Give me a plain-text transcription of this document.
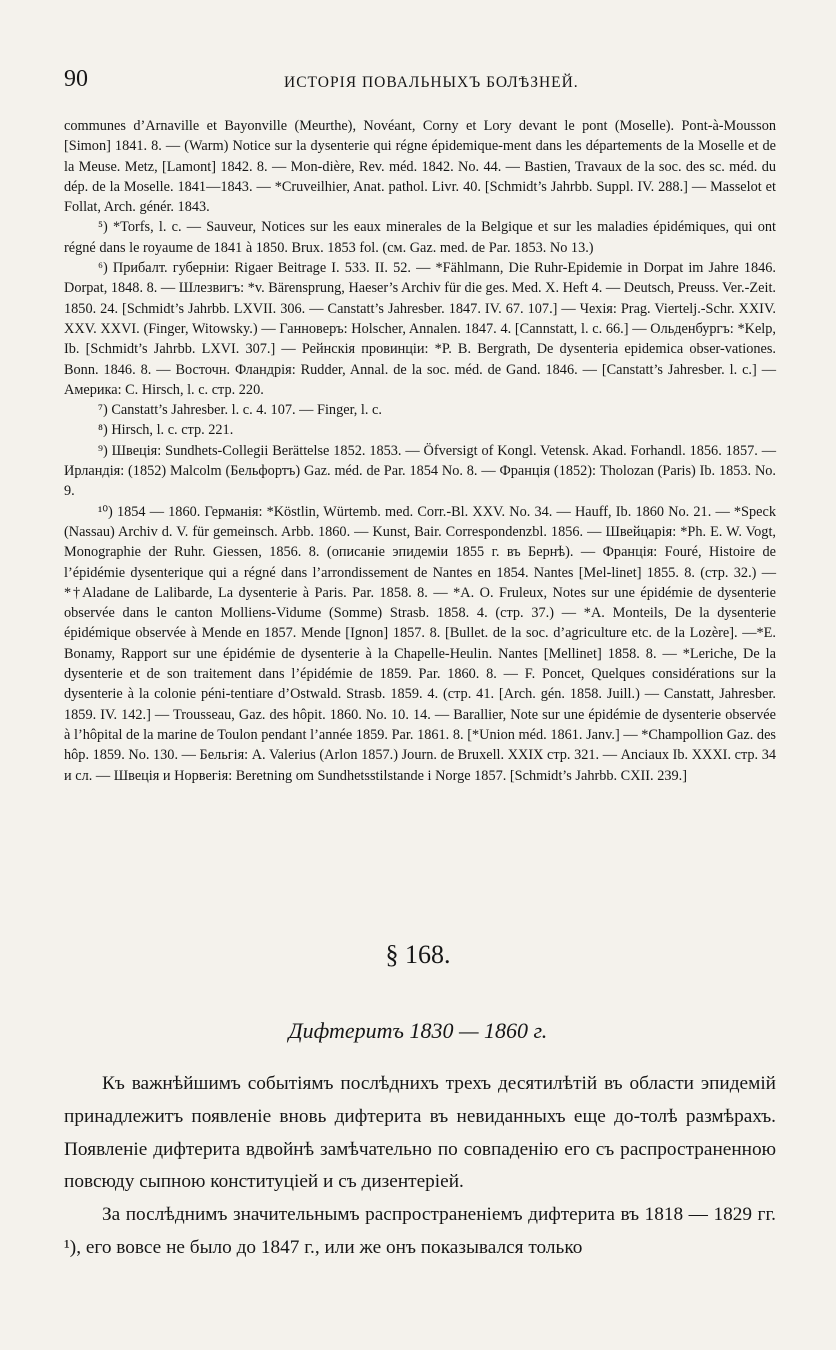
90	ИСТОРІЯ ПОВАЛЬНЫХЪ БОЛѢЗНЕЙ.

communes d’Arnaville et Bayonville (Meurthe), Novéant, Corny et Lory devant le pont (Moselle). Pont-à-Mousson [Simon] 1841. 8. — (Warm) Notice sur la dysenterie qui régne épidemique-ment dans les départements de la Moselle et de la Meuse. Metz, [Lamont] 1842. 8. — Mon-dière, Rev. méd. 1842. No. 44. — Bastien, Travaux de la soc. des sc. méd. du dép. de la Moselle. 1841—1843. — *Cruveilhier, Anat. pathol. Livr. 40. [Schmidt’s Jahrbb. Suppl. IV. 288.] — Masselot et Follat, Arch. génér. 1843.

⁵) *Torfs, l. c. — Sauveur, Notices sur les eaux minerales de la Belgique et sur les maladies épidémiques, qui ont régné dans le royaume de 1841 à 1850. Brux. 1853 fol. (см. Gaz. med. de Par. 1853. No 13.)

⁶) Прибалт. губерніи: Rigaer Beitrage I. 533. II. 52. — *Fählmann, Die Ruhr-Epidemie in Dorpat im Jahre 1846. Dorpat, 1848. 8. — Шлезвигъ: *v. Bärensprung, Haeser’s Archiv für die ges. Med. X. Heft 4. — Deutsch, Preuss. Ver.-Zeit. 1850. 24. [Schmidt’s Jahrbb. LXVII. 306. — Canstatt’s Jahresber. 1847. IV. 67. 107.] — Чехія: Prag. Viertelj.-Schr. XXIV. XXV. XXVI. (Finger, Witowsky.) — Ганноверъ: Holscher, Annalen. 1847. 4. [Cannstatt, l. c. 66.] — Ольденбургъ: *Kelp, Ib. [Schmidt’s Jahrbb. LXVI. 307.] — Рейнскія провинціи: *P. B. Bergrath, De dysenteria epidemica obser-vationes. Bonn. 1846. 8. — Восточн. Фландрія: Rudder, Annal. de la soc. méd. de Gand. 1846. — [Canstatt’s Jahresber. l. c.] — Америка: C. Hirsch, l. c. стр. 220.

⁷) Canstatt’s Jahresber. l. c. 4. 107. — Finger, l. c.

⁸) Hirsch, l. c. стр. 221.

⁹) Швеція: Sundhets-Collegii Berättelse 1852. 1853. — Öfversigt of Kongl. Vetensk. Akad. Forhandl. 1856. 1857. — Ирландія: (1852) Malcolm (Бельфортъ) Gaz. méd. de Par. 1854 No. 8. — Франція (1852): Tholozan (Paris) Ib. 1853. No. 9.

¹⁰) 1854 — 1860. Германія: *Köstlin, Würtemb. med. Corr.-Bl. XXV. No. 34. — Hauff, Ib. 1860 No. 21. — *Speck (Nassau) Archiv d. V. für gemeinsch. Arbb. 1860. — Kunst, Bair. Correspondenzbl. 1856. — Швейцарія: *Ph. E. W. Vogt, Monographie der Ruhr. Giessen, 1856. 8. (описаніе эпидеміи 1855 г. въ Бернѣ). — Франція: Fouré, Histoire de l’épidémie dysenterique qui a régné dans l’arrondissement de Nantes en 1854. Nantes [Mel-linet] 1855. 8. (стр. 32.) — *†Aladane de Lalibarde, La dysenterie à Paris. Par. 1858. 8. — *A. O. Fruleux, Notes sur une épidémie de dysenterie observée dans le canton Molliens-Vidume (Somme) Strasb. 1858. 4. (стр. 37.) — *A. Monteils, De la dysenterie épidémique observée à Mende en 1857. Mende [Ignon] 1857. 8. [Bullet. de la soc. d’agriculture etc. de la Lozère]. —*E. Bonamy, Rapport sur une épidémie de dysenterie à la Chapelle-Heulin. Nantes [Mellinet] 1858. 8. — *Leriche, De la dysenterie et de son traitement dans l’épidémie de 1859. Par. 1860. 8. — F. Poncet, Quelques considérations sur la dysenterie à la colonie péni-tentiare d’Ostwald. Strasb. 1859. 4. (стр. 41. [Arch. gén. 1858. Juill.) — Canstatt, Jahresber. 1859. IV. 142.] — Trousseau, Gaz. des hôpit. 1860. No. 10. 14. — Barallier, Note sur une épidémie de dysenterie observée à l’hôpital de la marine de Toulon pendant l’année 1859. Par. 1861. 8. [*Union méd. 1861. Janv.] — *Champollion Gaz. des hôp. 1859. No. 130. — Бельгія: A. Valerius (Arlon 1857.) Journ. de Bruxell. XXIX стр. 321. — Anciaux Ib. XXXI. стр. 34 и сл. — Швеція и Норвегія: Beretning om Sundhetsstilstande i Norge 1857. [Schmidt’s Jahrbb. CXII. 239.]

§ 168.
Дифтеритъ 1830 — 1860 г.

Къ важнѣйшимъ событіямъ послѣднихъ трехъ десятилѣтій въ области эпидемій принадлежитъ появленіе вновь дифтерита въ невиданныхъ еще до-толѣ размѣрахъ. Появленіе дифтерита вдвойнѣ замѣчательно по совпаденію его съ распространенною повсюду сыпною конституціей и съ дизентеріей.

За послѣднимъ значительнымъ распространеніемъ дифтерита въ 1818 — 1829 гг. ¹), его вовсе не было до 1847 г., или же онъ показывался только
